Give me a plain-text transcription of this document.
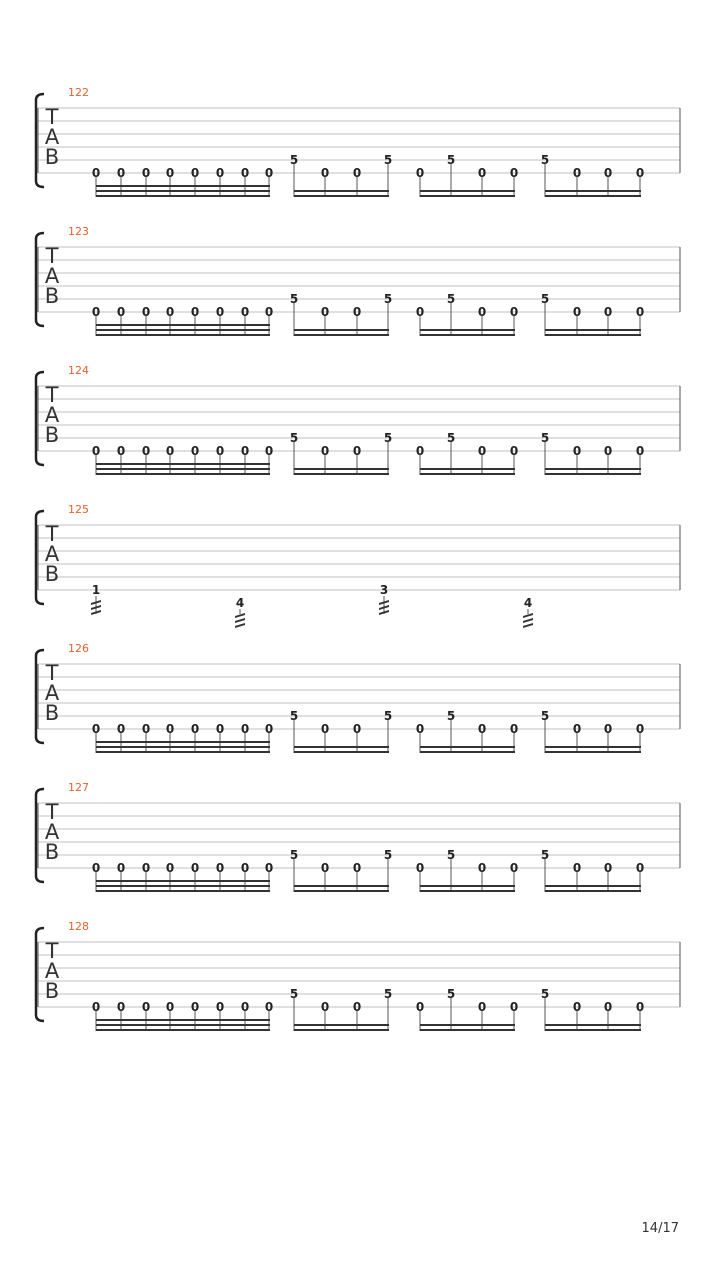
T
A
B
122
0 0 0 0 0 0 0 0
5
0 0
5
0
5
0 0
5
0 0 0
T
A
B
123
0 0 0 0 0 0 0 0
5
0 0
5
0
5
0 0
5
0 0 0
T
A
B
124
0 0 0 0 0 0 0 0
5
0 0
5
0
5
0 0
5
0 0 0
T
A
B
125
1
4
3
4
T
A
B
126
0 0 0 0 0 0 0 0
5
0 0
5
0
5
0 0
5
0 0 0
T
A
B
127
0 0 0 0 0 0 0 0
5
0 0
5
0
5
0 0
5
0 0 0
T
A
B
128
0 0 0 0 0 0 0 0
5
0 0
5
0
5
0 0
5
0 0 0
14/17
